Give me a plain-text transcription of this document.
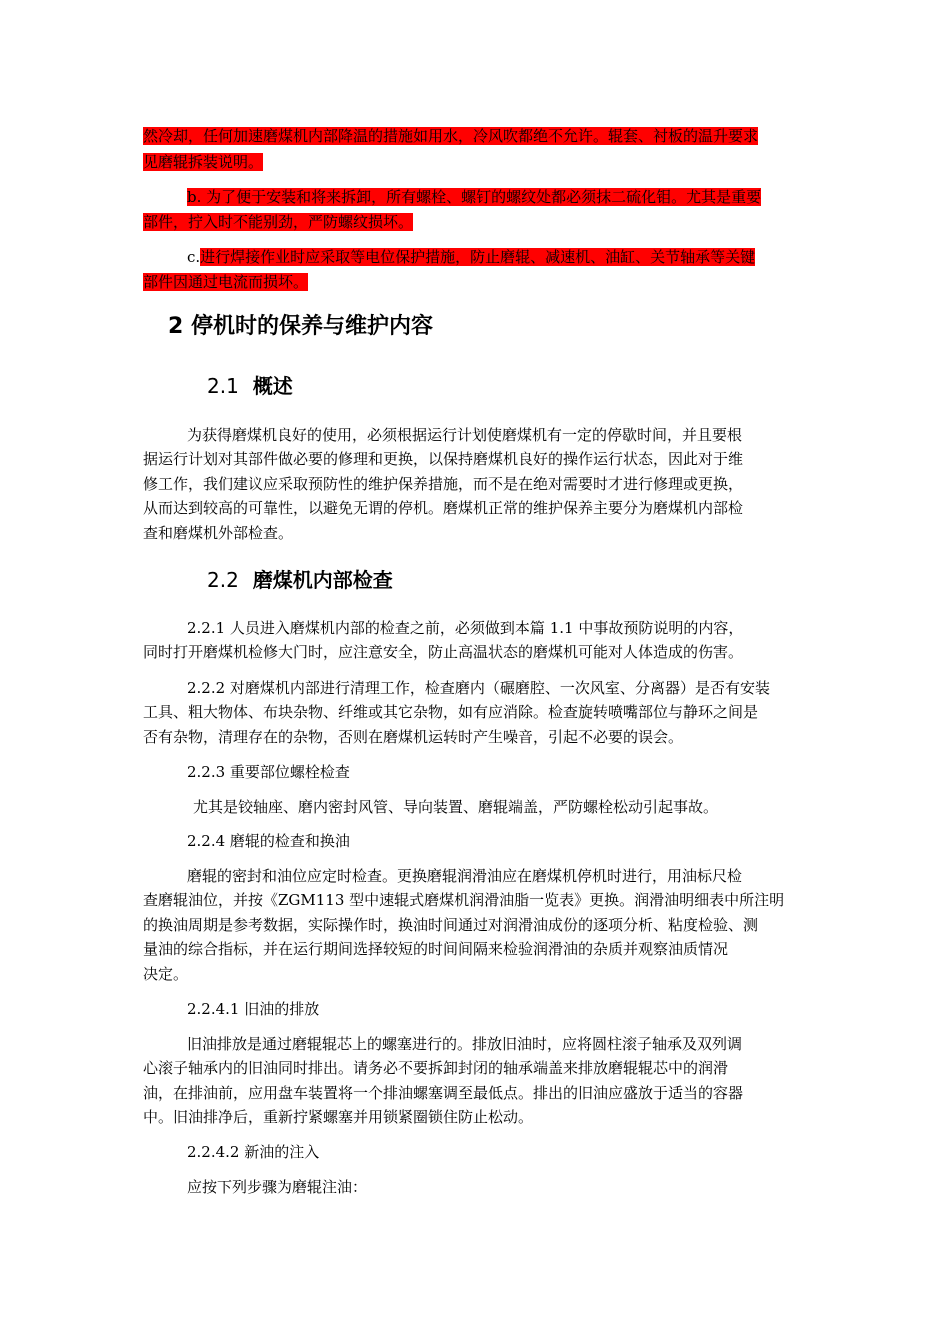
然冷却，任何加速磨煤机内部降温的措施如用水，冷风吹都绝不允许。辊套、衬板的温升要求
见磨辊拆装说明。
b. 为了便于安装和将来拆卸，所有螺栓、螺钉的螺纹处都必须抹二硫化钼。尤其是重要
部件，拧入时不能别劲，严防螺纹损坏。
c.进行焊接作业时应采取等电位保护措施，防止磨辊、减速机、油缸、关节轴承等关键
部件因通过电流而损坏。
2 停机时的保养与维护内容
2.1 概述
为获得磨煤机良好的使用，必须根据运行计划使磨煤机有一定的停歇时间，并且要根
据运行计划对其部件做必要的修理和更换，以保持磨煤机良好的操作运行状态，因此对于维
修工作，我们建议应采取预防性的维护保养措施，而不是在绝对需要时才进行修理或更换，
从而达到较高的可靠性，以避免无谓的停机。磨煤机正常的维护保养主要分为磨煤机内部检
查和磨煤机外部检查。
2.2 磨煤机内部检查
2.2.1 人员进入磨煤机内部的检查之前，必须做到本篇 1.1 中事故预防说明的内容，
同时打开磨煤机检修大门时，应注意安全，防止高温状态的磨煤机可能对人体造成的伤害。
2.2.2 对磨煤机内部进行清理工作，检查磨内（碾磨腔、一次风室、分离器）是否有安装
工具、粗大物体、布块杂物、纤维或其它杂物，如有应消除。检查旋转喷嘴部位与静环之间是
否有杂物，清理存在的杂物，否则在磨煤机运转时产生噪音，引起不必要的误会。
2.2.3 重要部位螺栓检查
尤其是铰轴座、磨内密封风管、导向装置、磨辊端盖，严防螺栓松动引起事故。
2.2.4 磨辊的检查和换油
磨辊的密封和油位应定时检查。更换磨辊润滑油应在磨煤机停机时进行，用油标尺检
查磨辊油位，并按《ZGM113 型中速辊式磨煤机润滑油脂一览表》更换。润滑油明细表中所注明
的换油周期是参考数据，实际操作时，换油时间通过对润滑油成份的逐项分析、粘度检验、测
量油的综合指标，并在运行期间选择较短的时间间隔来检验润滑油的杂质并观察油质情况
决定。
2.2.4.1 旧油的排放
旧油排放是通过磨辊辊芯上的螺塞进行的。排放旧油时，应将圆柱滚子轴承及双列调
心滚子轴承内的旧油同时排出。请务必不要拆卸封闭的轴承端盖来排放磨辊辊芯中的润滑
油，在排油前，应用盘车装置将一个排油螺塞调至最低点。排出的旧油应盛放于适当的容器
中。旧油排净后，重新拧紧螺塞并用锁紧圈锁住防止松动。
2.2.4.2 新油的注入
应按下列步骤为磨辊注油：
